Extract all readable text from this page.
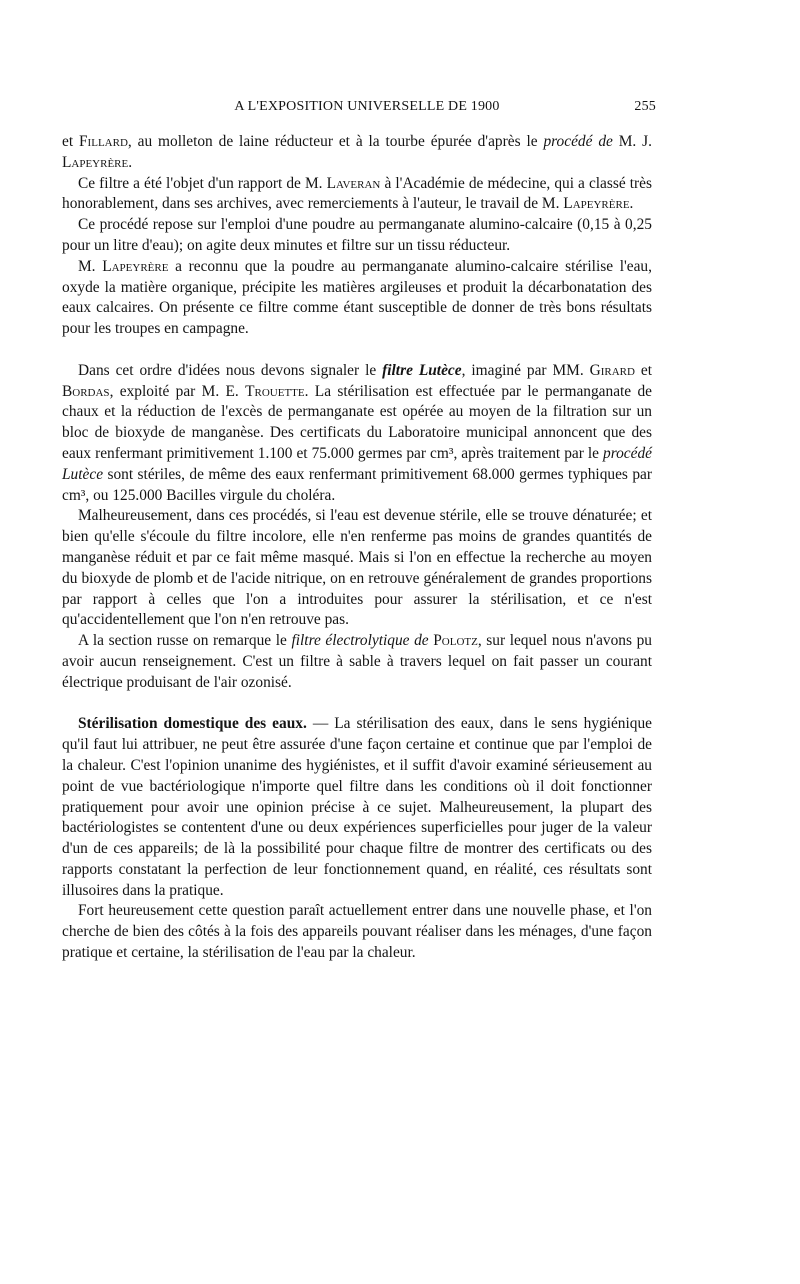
A L'EXPOSITION UNIVERSELLE DE 1900	255

et Fillard, au molleton de laine réducteur et à la tourbe épurée d'après le procédé de M. J. Lapeyrère.

Ce filtre a été l'objet d'un rapport de M. Laveran à l'Académie de médecine, qui a classé très honorablement, dans ses archives, avec remerciements à l'auteur, le travail de M. Lapeyrère.

Ce procédé repose sur l'emploi d'une poudre au permanganate alumino-calcaire (0,15 à 0,25 pour un litre d'eau); on agite deux minutes et filtre sur un tissu réducteur.

M. Lapeyrère a reconnu que la poudre au permanganate alumino-calcaire stérilise l'eau, oxyde la matière organique, précipite les matières argileuses et produit la décarbonatation des eaux calcaires. On présente ce filtre comme étant susceptible de donner de très bons résultats pour les troupes en campagne.

Dans cet ordre d'idées nous devons signaler le filtre Lutèce, imaginé par MM. Girard et Bordas, exploité par M. E. Trouette. La stérilisation est effectuée par le permanganate de chaux et la réduction de l'excès de permanganate est opérée au moyen de la filtration sur un bloc de bioxyde de manganèse. Des certificats du Laboratoire municipal annoncent que des eaux renfermant primitivement 1.100 et 75.000 germes par cm³, après traitement par le procédé Lutèce sont stériles, de même des eaux renfermant primitivement 68.000 germes typhiques par cm³, ou 125.000 Bacilles virgule du choléra.

Malheureusement, dans ces procédés, si l'eau est devenue stérile, elle se trouve dénaturée; et bien qu'elle s'écoule du filtre incolore, elle n'en renferme pas moins de grandes quantités de manganèse réduit et par ce fait même masqué. Mais si l'on en effectue la recherche au moyen du bioxyde de plomb et de l'acide nitrique, on en retrouve généralement de grandes proportions par rapport à celles que l'on a introduites pour assurer la stérilisation, et ce n'est qu'accidentellement que l'on n'en retrouve pas.

A la section russe on remarque le filtre électrolytique de Polotz, sur lequel nous n'avons pu avoir aucun renseignement. C'est un filtre à sable à travers lequel on fait passer un courant électrique produisant de l'air ozonisé.

Stérilisation domestique des eaux. — La stérilisation des eaux, dans le sens hygiénique qu'il faut lui attribuer, ne peut être assurée d'une façon certaine et continue que par l'emploi de la chaleur. C'est l'opinion unanime des hygiénistes, et il suffit d'avoir examiné sérieusement au point de vue bactériologique n'importe quel filtre dans les conditions où il doit fonctionner pratiquement pour avoir une opinion précise à ce sujet. Malheureusement, la plupart des bactériologistes se contentent d'une ou deux expériences superficielles pour juger de la valeur d'un de ces appareils; de là la possibilité pour chaque filtre de montrer des certificats ou des rapports constatant la perfection de leur fonctionnement quand, en réalité, ces résultats sont illusoires dans la pratique.

Fort heureusement cette question paraît actuellement entrer dans une nouvelle phase, et l'on cherche de bien des côtés à la fois des appareils pouvant réaliser dans les ménages, d'une façon pratique et certaine, la stérilisation de l'eau par la chaleur.
